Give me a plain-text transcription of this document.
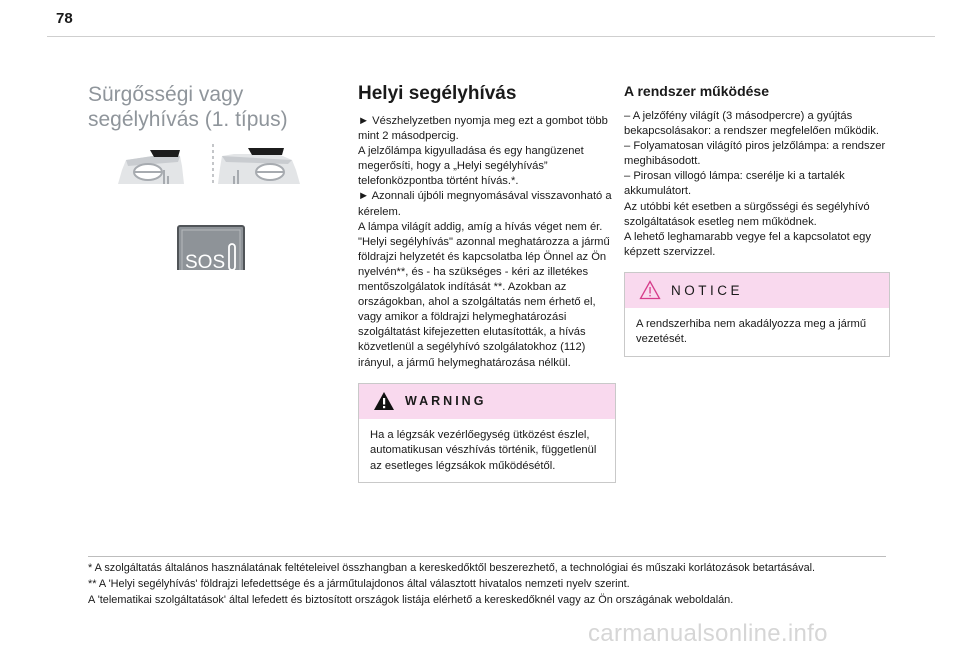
78
Sürgősségi vagy segélyhívás (1. típus)
SOS
Helyi segélyhívás

► Vészhelyzetben nyomja meg ezt a gombot több mint 2 másodpercig.
A jelzőlámpa kigyulladása és egy hangüzenet megerősíti, hogy a „Helyi segélyhívás” telefonközpontba történt hívás.*.
► Azonnali újbóli megnyomásával visszavonható a kérelem.
A lámpa világít addig, amíg a hívás véget nem ér.
"Helyi segélyhívás" azonnal meghatározza a jármű földrajzi helyzetét és kapcsolatba lép Önnel az Ön nyelvén**, és - ha szükséges - kéri az illetékes mentőszolgálatok indítását **. Azokban az országokban, ahol a szolgáltatás nem érhető el, vagy amikor a földrajzi helymeghatározási szolgáltatást kifejezetten elutasították, a hívás közvetlenül a segélyhívó szolgálatokhoz (112) irányul, a jármű helymeghatározása nélkül.

WARNING
Ha a légzsák vezérlőegység ütközést észlel, automatikusan vészhívás történik, függetlenül az esetleges légzsákok működésétől.
A rendszer működése

– A jelzőfény világít (3 másodpercre) a gyújtás bekapcsolásakor: a rendszer megfelelően működik.
– Folyamatosan világító piros jelzőlámpa: a rendszer meghibásodott.
– Pirosan villogó lámpa: cserélje ki a tartalék akkumulátort.
Az utóbbi két esetben a sürgősségi és segélyhívó szolgáltatások esetleg nem működnek.
A lehető leghamarabb vegye fel a kapcsolatot egy képzett szervizzel.

NOTICE
A rendszerhiba nem akadályozza meg a jármű vezetését.
* A szolgáltatás általános használatának feltételeivel összhangban a kereskedőktől beszerezhető, a technológiai és műszaki korlátozások betartásával.
** A 'Helyi segélyhívás' földrajzi lefedettsége és a járműtulajdonos által választott hivatalos nemzeti nyelv szerint.
A 'telematikai szolgáltatások' által lefedett és biztosított országok listája elérhető a kereskedőknél vagy az Ön országának weboldalán.
carmanualsonline.info
